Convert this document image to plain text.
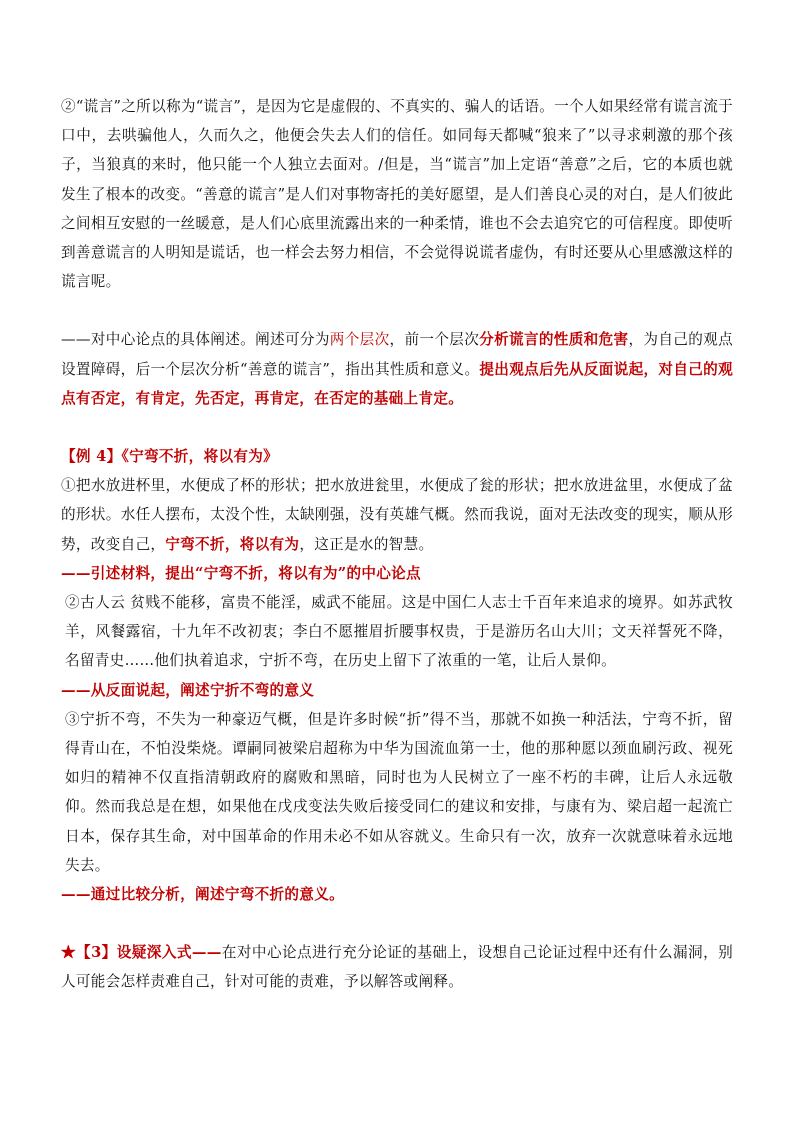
②“谎言”之所以称为“谎言”，是因为它是虚假的、不真实的、骗人的话语。一个人如果经常有谎言流于口中，去哄骗他人，久而久之，他便会失去人们的信任。如同每天都喊“狼来了”以寻求刺激的那个孩子，当狼真的来时，他只能一个人独立去面对。/但是，当“谎言”加上定语“善意”之后，它的本质也就发生了根本的改变。“善意的谎言”是人们对事物寄托的美好愿望，是人们善良心灵的对白，是人们彼此之间相互安慰的一丝暖意，是人们心底里流露出来的一种柔情，谁也不会去追究它的可信程度。即使听到善意谎言的人明知是谎话，也一样会去努力相信，不会觉得说谎者虚伪，有时还要从心里感激这样的谎言呢。

——对中心论点的具体阐述。阐述可分为两个层次，前一个层次分析谎言的性质和危害，为自己的观点设置障碍，后一个层次分析“善意的谎言”，指出其性质和意义。提出观点后先从反面说起，对自己的观点有否定，有肯定，先否定，再肯定，在否定的基础上肯定。

【例 4】《宁弯不折，将以有为》

①把水放进杯里，水便成了杯的形状；把水放进瓮里，水便成了瓮的形状；把水放进盆里，水便成了盆的形状。水任人摆布，太没个性，太缺刚强，没有英雄气概。然而我说，面对无法改变的现实，顺从形势，改变自己，宁弯不折，将以有为，这正是水的智慧。

——引述材料，提出“宁弯不折，将以有为”的中心论点

②古人云 贫贱不能移，富贵不能淫，威武不能屈。这是中国仁人志士千百年来追求的境界。如苏武牧羊，风餐露宿，十九年不改初衷；李白不愿摧眉折腰事权贵，于是游历名山大川；文天祥誓死不降，名留青史……他们执着追求，宁折不弯，在历史上留下了浓重的一笔，让后人景仰。

——从反面说起，阐述宁折不弯的意义

③宁折不弯，不失为一种豪迈气概，但是许多时候“折”得不当，那就不如换一种活法，宁弯不折，留得青山在，不怕没柴烧。谭嗣同被梁启超称为中华为国流血第一士，他的那种愿以颈血刷污政、视死如归的精神不仅直指清朝政府的腐败和黑暗，同时也为人民树立了一座不朽的丰碑，让后人永远敬仰。然而我总是在想，如果他在戊戌变法失败后接受同仁的建议和安排，与康有为、梁启超一起流亡日本，保存其生命，对中国革命的作用未必不如从容就义。生命只有一次，放弃一次就意味着永远地失去。

——通过比较分析，阐述宁弯不折的意义。

★【3】设疑深入式——在对中心论点进行充分论证的基础上，设想自己论证过程中还有什么漏洞，别人可能会怎样责难自己，针对可能的责难，予以解答或阐释。
